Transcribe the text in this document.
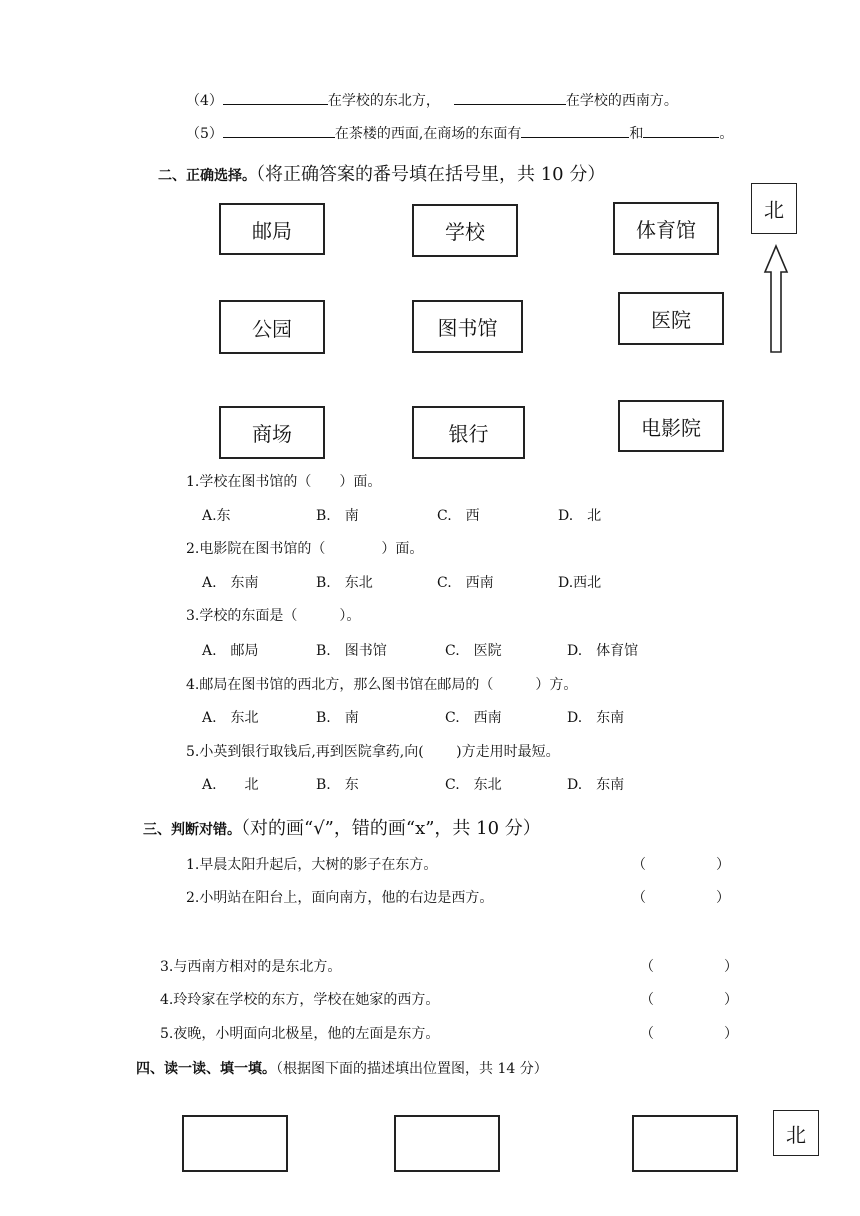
（4）	在学校的东北方，	在学校的西南方。
（5）	在茶楼的西面,在商场的东面有	和	。
二、正确选择。（将正确答案的番号填在括号里，共 10 分）
邮局	学校	体育馆
公园	图书馆	医院
商场	银行	电影院
北
1.学校在图书馆的（　　）面。
A.东	B.　南	C.　西	D.　北
2.电影院在图书馆的（　　　　）面。
A.　东南	B.　东北	C.　西南	D.西北
3.学校的东面是（　　　）。
A.　邮局	B.　图书馆	C.　医院	D.　体育馆
4.邮局在图书馆的西北方，那么图书馆在邮局的（　　　）方。
A.　东北	B.　南	C.　西南	D.　东南
5.小英到银行取钱后,再到医院拿药,向(　　 )方走用时最短。
A.　　北	B.　东	C.　东北	D.　东南
三、判断对错。（对的画“√”，错的画“x”，共 10 分）
1.早晨太阳升起后，大树的影子在东方。	（　　　　　）
2.小明站在阳台上，面向南方，他的右边是西方。	（　　　　　）
3.与西南方相对的是东北方。	（　　　　　）
4.玲玲家在学校的东方，学校在她家的西方。	（　　　　　）
5.夜晚，小明面向北极星，他的左面是东方。	（　　　　　）
四、读一读、填一填。（根据图下面的描述填出位置图，共 14 分）
北
